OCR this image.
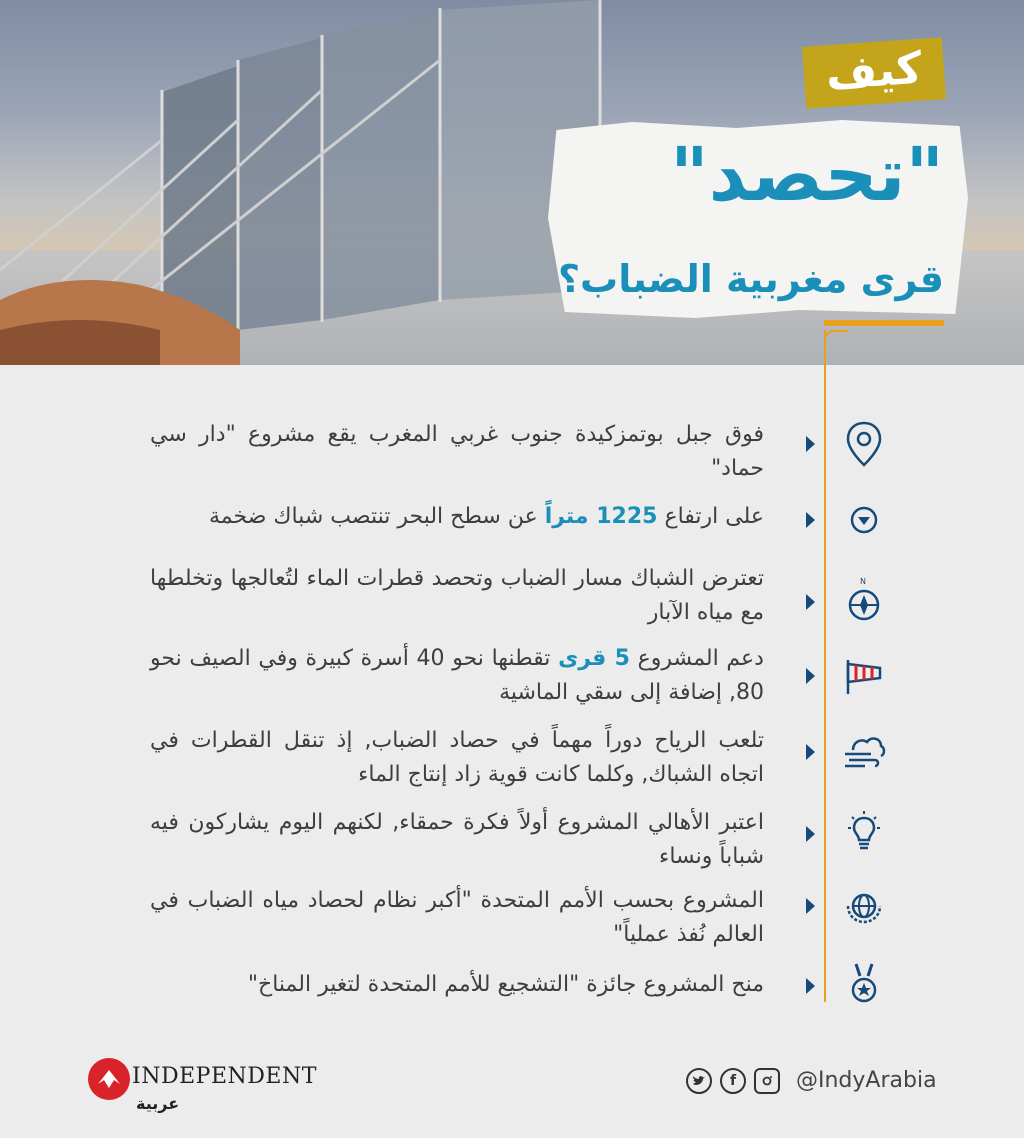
كيف
"تحصد"
قرى مغربية الضباب؟
فوق جبل بوتمزكيدة جنوب غربي المغرب يقع مشروع "دار سي حماد"
على ارتفاع 1225 متراً عن سطح البحر تنتصب شباك ضخمة
تعترض الشباك مسار الضباب وتحصد قطرات الماء لتُعالجها وتخلطها مع مياه الآبار
N
دعم المشروع 5 قرى تقطنها نحو 40 أسرة كبيرة وفي الصيف نحو 80, إضافة إلى سقي الماشية
تلعب الرياح دوراً مهماً في حصاد الضباب, إذ تنقل القطرات في اتجاه الشباك, وكلما كانت قوية زاد إنتاج الماء
اعتبر الأهالي المشروع أولاً فكرة حمقاء, لكنهم اليوم يشاركون فيه شباباً ونساء
المشروع بحسب الأمم المتحدة "أكبر نظام لحصاد مياه الضباب في العالم نُفذ عملياً"
منح المشروع جائزة "التشجيع للأمم المتحدة لتغير المناخ"
INDEPENDENT
عربية
f	@IndyArabia
